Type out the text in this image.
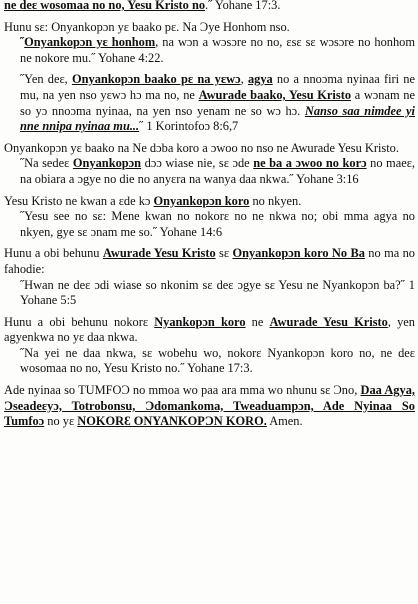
ne deɛ wosomaa no no, Yesu Kristo no.˝ Yohane 17:3.

Hunu sɛ: Onyankopɔn yɛ baako pɛ. Na Ɔye Honhom nso.

˝Onyankopɔn yɛ honhom, na wɔn a wɔsɔre no no, ɛsɛ sɛ wɔsɔre no honhom ne nokore mu.˝ Yohane 4:22.

˝Yen deɛ, Onyankopɔn baako pɛ na yɛwɔ, agya no a nnoɔma nyinaa firi ne mu, na yen nso yɛwɔ hɔ ma no, ne Awurade baako, Yesu Kristo a wɔnam ne so yɔ nnoɔma nyinaa, na yen nso yenam ne so wɔ hɔ. Nanso saa nimdee yi nne nnipa nyinaa mu...˝ 1 Korintofoɔ 8:6,7

Onyankopɔn yɛ baako na Ne dɔba koro a ɔwoo no nso ne Awurade Yesu Kristo.

˝Na sedeɛ Onyankopɔn dɔɔ wiase nie, sɛ ɔde ne ba a ɔwoo no korɔ no maeɛ, na obiara a ɔgye no die no anyɛra na wanya daa nkwa.˝ Yohane 3:16

Yesu Kristo ne kwan a ɛde kɔ Onyankopɔn koro no nkyen.

˝Yesu see no sɛ: Mene kwan no nokorɛ no ne nkwa no; obi mma agya no nkyen, gye sɛ ɔnam me so.˝ Yohane 14:6

Hunu a obi behunu Awurade Yesu Kristo sɛ Onyankopɔn koro No Ba no ma no fahodie:

˝Hwan ne deɛ ɔdi wiase so nkonim sɛ deɛ ɔgye sɛ Yesu ne Nyankopɔn ba?˝ 1 Yohane 5:5

Hunu a obi behunu nokorɛ Nyankopɔn koro ne Awurade Yesu Kristo, yen agyenkwa no yɛ daa nkwa.

˝Na yei ne daa nkwa, sɛ wobehu wo, nokorɛ Nyankopɔn koro no, ne deɛ wosomaa no no, Yesu Kristo no.˝ Yohane 17:3.

Ade nyinaa so TUMFOƆ no mmoa wo paa ara mma wo nhunu sɛ Ɔno, Daa Agya, Ɔseadeɛyɔ, Totrobonsu, Ɔdomankoma, Tweaduampɔn, Ade Nyinaa So Tumfoɔ no yɛ NOKORƐ ONYANKOPƆN KORO. Amen.
